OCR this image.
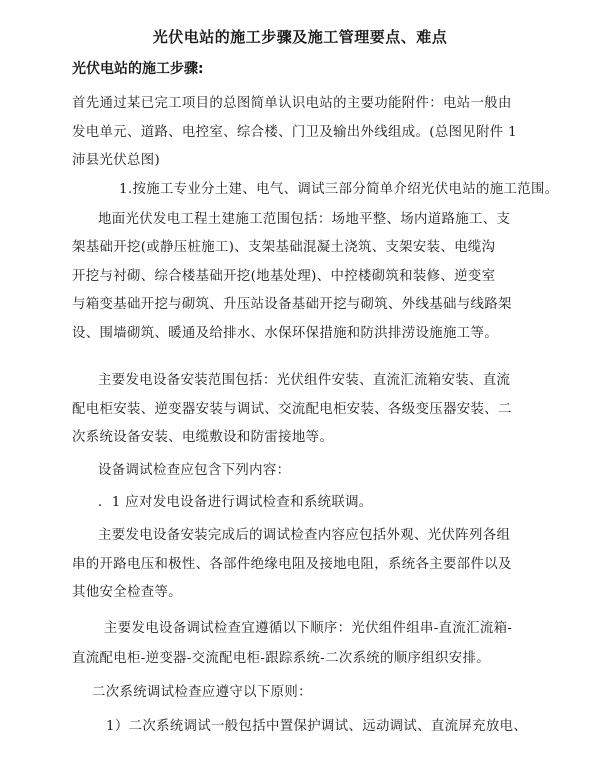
光伏电站的施工步骤及施工管理要点、难点
光伏电站的施工步骤:
首先通过某已完工项目的总图简单认识电站的主要功能附件：电站一般由
发电单元、道路、电控室、综合楼、门卫及输出外线组成。(总图见附件 1
沛县光伏总图)
1.按施工专业分土建、电气、调试三部分简单介绍光伏电站的施工范围。
地面光伏发电工程土建施工范围包括：场地平整、场内道路施工、支
架基础开挖(或静压桩施工)、支架基础混凝土浇筑、支架安装、电缆沟
开挖与衬砌、综合楼基础开挖(地基处理)、中控楼砌筑和装修、逆变室
与箱变基础开挖与砌筑、升压站设备基础开挖与砌筑、外线基础与线路架
设、围墙砌筑、暖通及给排水、水保环保措施和防洪排涝设施施工等。
主要发电设备安装范围包括：光伏组件安装、直流汇流箱安装、直流
配电柜安装、逆变器安装与调试、交流配电柜安装、各级变压器安装、二
次系统设备安装、电缆敷设和防雷接地等。
设备调试检查应包含下列内容：
．1 应对发电设备进行调试检查和系统联调。
主要发电设备安装完成后的调试检查内容应包括外观、光伏阵列各组
串的开路电压和极性、各部件绝缘电阻及接地电阻，系统各主要部件以及
其他安全检查等。
主要发电设备调试检查宜遵循以下顺序：光伏组件组串-直流汇流箱-
直流配电柜-逆变器-交流配电柜-跟踪系统-二次系统的顺序组织安排。
二次系统调试检查应遵守以下原则：
1）二次系统调试一般包括中置保护调试、远动调试、直流屏充放电、
